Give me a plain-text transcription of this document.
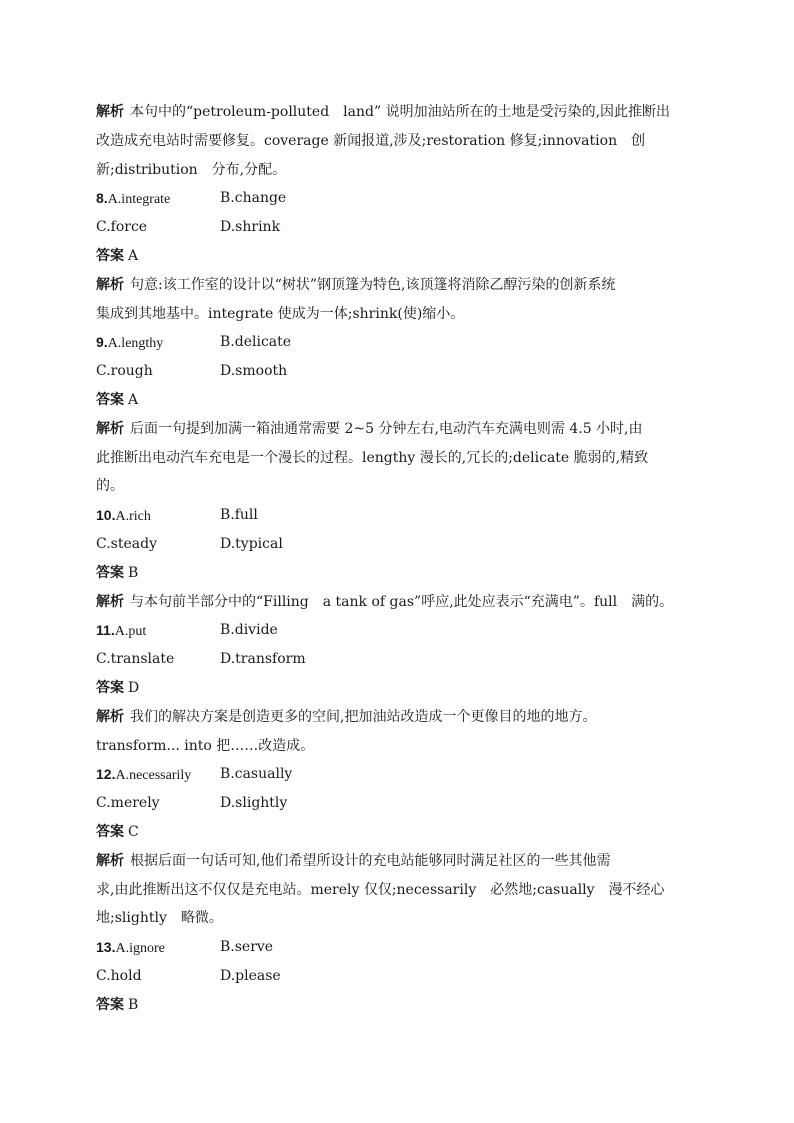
解析 本句中的“petroleum-polluted　land” 说明加油站所在的土地是受污染的,因此推断出
改造成充电站时需要修复。coverage 新闻报道,涉及;restoration 修复;innovation　创
新;distribution　分布,分配。
8.A.integrate	B.change
C.force	D.shrink
答案 A
解析 句意:该工作室的设计以“树状”钢顶篷为特色,该顶篷将消除乙醇污染的创新系统
集成到其地基中。integrate 使成为一体;shrink(使)缩小。
9.A.lengthy	B.delicate
C.rough	D.smooth
答案 A
解析 后面一句提到加满一箱油通常需要 2~5 分钟左右,电动汽车充满电则需 4.5 小时,由
此推断出电动汽车充电是一个漫长的过程。lengthy 漫长的,冗长的;delicate 脆弱的,精致
的。
10.A.rich	B.full
C.steady	D.typical
答案 B
解析 与本句前半部分中的“Filling　a tank of gas”呼应,此处应表示“充满电”。full　满的。
11.A.put	B.divide
C.translate	D.transform
答案 D
解析 我们的解决方案是创造更多的空间,把加油站改造成一个更像目的地的地方。
transform... into 把……改造成。
12.A.necessarily	B.casually
C.merely	D.slightly
答案 C
解析 根据后面一句话可知,他们希望所设计的充电站能够同时满足社区的一些其他需
求,由此推断出这不仅仅是充电站。merely 仅仅;necessarily　必然地;casually　漫不经心
地;slightly　略微。
13.A.ignore	B.serve
C.hold	D.please
答案 B
